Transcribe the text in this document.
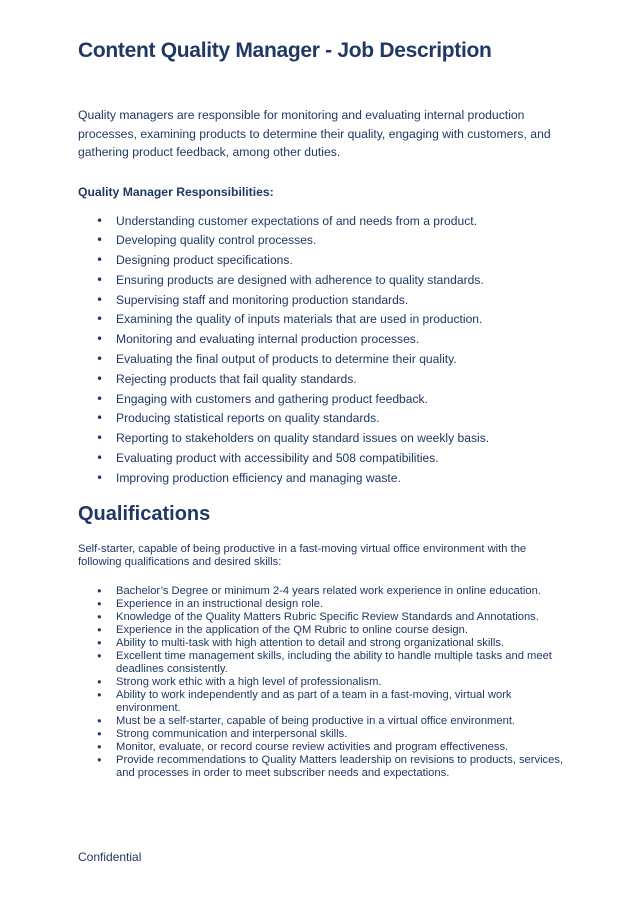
Content Quality Manager - Job Description

Quality managers are responsible for monitoring and evaluating internal production processes, examining products to determine their quality, engaging with customers, and gathering product feedback, among other duties.

Quality Manager Responsibilities:

• Understanding customer expectations of and needs from a product.
• Developing quality control processes.
• Designing product specifications.
• Ensuring products are designed with adherence to quality standards.
• Supervising staff and monitoring production standards.
• Examining the quality of inputs materials that are used in production.
• Monitoring and evaluating internal production processes.
• Evaluating the final output of products to determine their quality.
• Rejecting products that fail quality standards.
• Engaging with customers and gathering product feedback.
• Producing statistical reports on quality standards.
• Reporting to stakeholders on quality standard issues on weekly basis.
• Evaluating product with accessibility and 508 compatibilities.
• Improving production efficiency and managing waste.
Qualifications

Self-starter, capable of being productive in a fast-moving virtual office environment with the following qualifications and desired skills:

• Bachelor’s Degree or minimum 2-4 years related work experience in online education.
• Experience in an instructional design role.
• Knowledge of the Quality Matters Rubric Specific Review Standards and Annotations.
• Experience in the application of the QM Rubric to online course design.
• Ability to multi-task with high attention to detail and strong organizational skills.
• Excellent time management skills, including the ability to handle multiple tasks and meet deadlines consistently.
• Strong work ethic with a high level of professionalism.
• Ability to work independently and as part of a team in a fast-moving, virtual work environment.
• Must be a self-starter, capable of being productive in a virtual office environment.
• Strong communication and interpersonal skills.
• Monitor, evaluate, or record course review activities and program effectiveness.
• Provide recommendations to Quality Matters leadership on revisions to products, services, and processes in order to meet subscriber needs and expectations.
Confidential
